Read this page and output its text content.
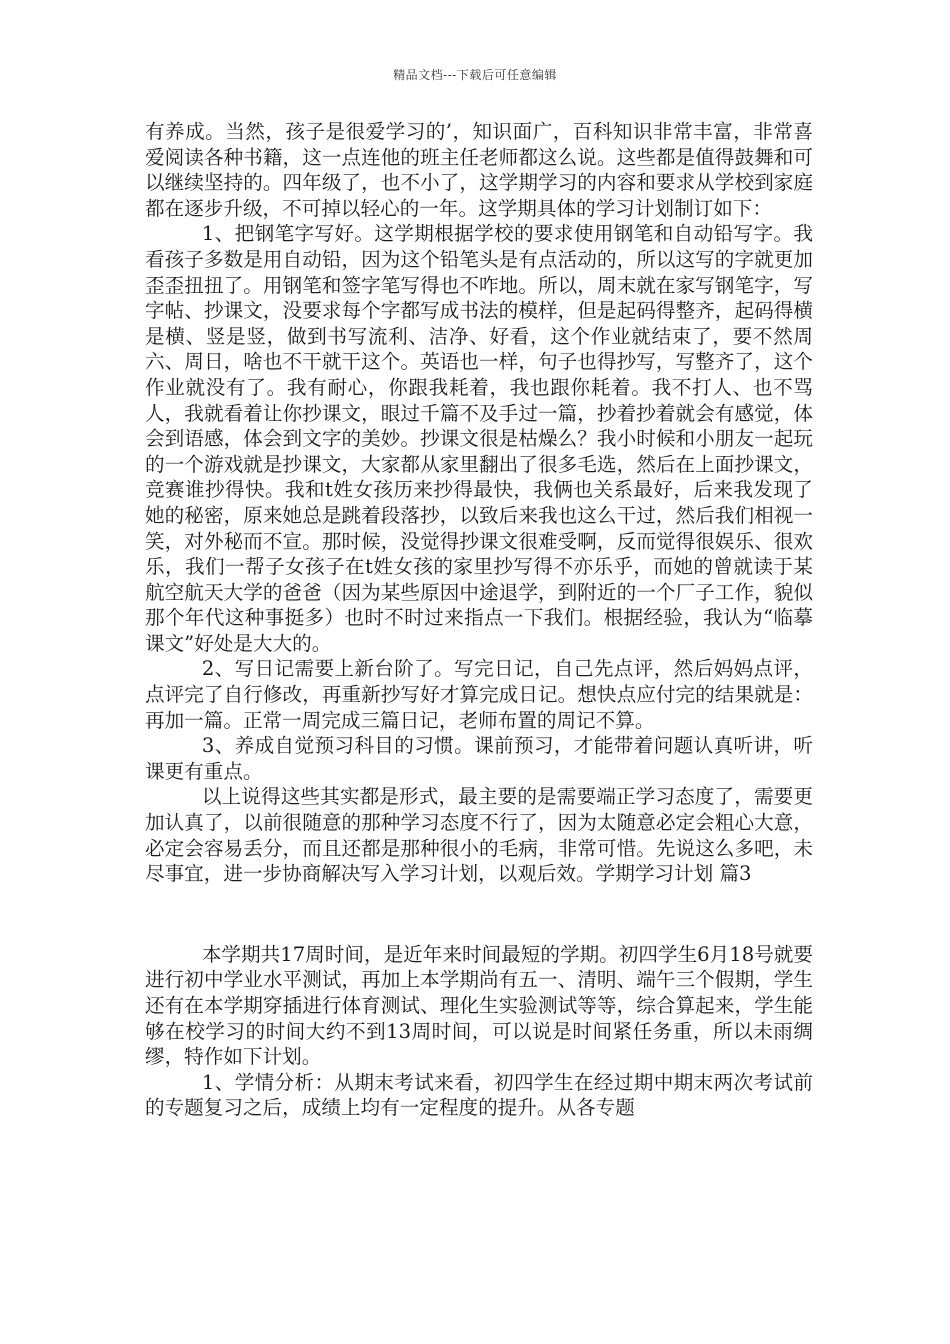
精品文档---下载后可任意编辑

有养成。当然，孩子是很爱学习的’，知识面广，百科知识非常丰富，非常喜爱阅读各种书籍，这一点连他的班主任老师都这么说。这些都是值得鼓舞和可以继续坚持的。四年级了，也不小了，这学期学习的内容和要求从学校到家庭都在逐步升级，不可掉以轻心的一年。这学期具体的学习计划制订如下：

1、把钢笔字写好。这学期根据学校的要求使用钢笔和自动铅写字。我看孩子多数是用自动铅，因为这个铅笔头是有点活动的，所以这写的字就更加歪歪扭扭了。用钢笔和签字笔写得也不咋地。所以，周末就在家写钢笔字，写字帖、抄课文，没要求每个字都写成书法的模样，但是起码得整齐，起码得横是横、竖是竖，做到书写流利、洁净、好看，这个作业就结束了，要不然周六、周日，啥也不干就干这个。英语也一样，句子也得抄写，写整齐了，这个作业就没有了。我有耐心，你跟我耗着，我也跟你耗着。我不打人、也不骂人，我就看着让你抄课文，眼过千篇不及手过一篇，抄着抄着就会有感觉，体会到语感，体会到文字的美妙。抄课文很是枯燥么？我小时候和小朋友一起玩的一个游戏就是抄课文，大家都从家里翻出了很多毛选，然后在上面抄课文，竞赛谁抄得快。我和t姓女孩历来抄得最快，我俩也关系最好，后来我发现了她的秘密，原来她总是跳着段落抄，以致后来我也这么干过，然后我们相视一笑，对外秘而不宣。那时候，没觉得抄课文很难受啊，反而觉得很娱乐、很欢乐，我们一帮子女孩子在t姓女孩的家里抄写得不亦乐乎，而她的曾就读于某航空航天大学的爸爸（因为某些原因中途退学，到附近的一个厂子工作，貌似那个年代这种事挺多）也时不时过来指点一下我们。根据经验，我认为“临摹课文”好处是大大的。

2、写日记需要上新台阶了。写完日记，自己先点评，然后妈妈点评，点评完了自行修改，再重新抄写好才算完成日记。想快点应付完的结果就是：再加一篇。正常一周完成三篇日记，老师布置的周记不算。

3、养成自觉预习科目的习惯。课前预习，才能带着问题认真听讲，听课更有重点。

以上说得这些其实都是形式，最主要的是需要端正学习态度了，需要更加认真了，以前很随意的那种学习态度不行了，因为太随意必定会粗心大意，必定会容易丢分，而且还都是那种很小的毛病，非常可惜。先说这么多吧，未尽事宜，进一步协商解决写入学习计划，以观后效。学期学习计划 篇3

本学期共17周时间，是近年来时间最短的学期。初四学生6月18号就要进行初中学业水平测试，再加上本学期尚有五一、清明、端午三个假期，学生还有在本学期穿插进行体育测试、理化生实验测试等等，综合算起来，学生能够在校学习的时间大约不到13周时间，可以说是时间紧任务重，所以未雨绸缪，特作如下计划。

1、学情分析：从期末考试来看，初四学生在经过期中期末两次考试前的专题复习之后，成绩上均有一定程度的提升。从各专题
